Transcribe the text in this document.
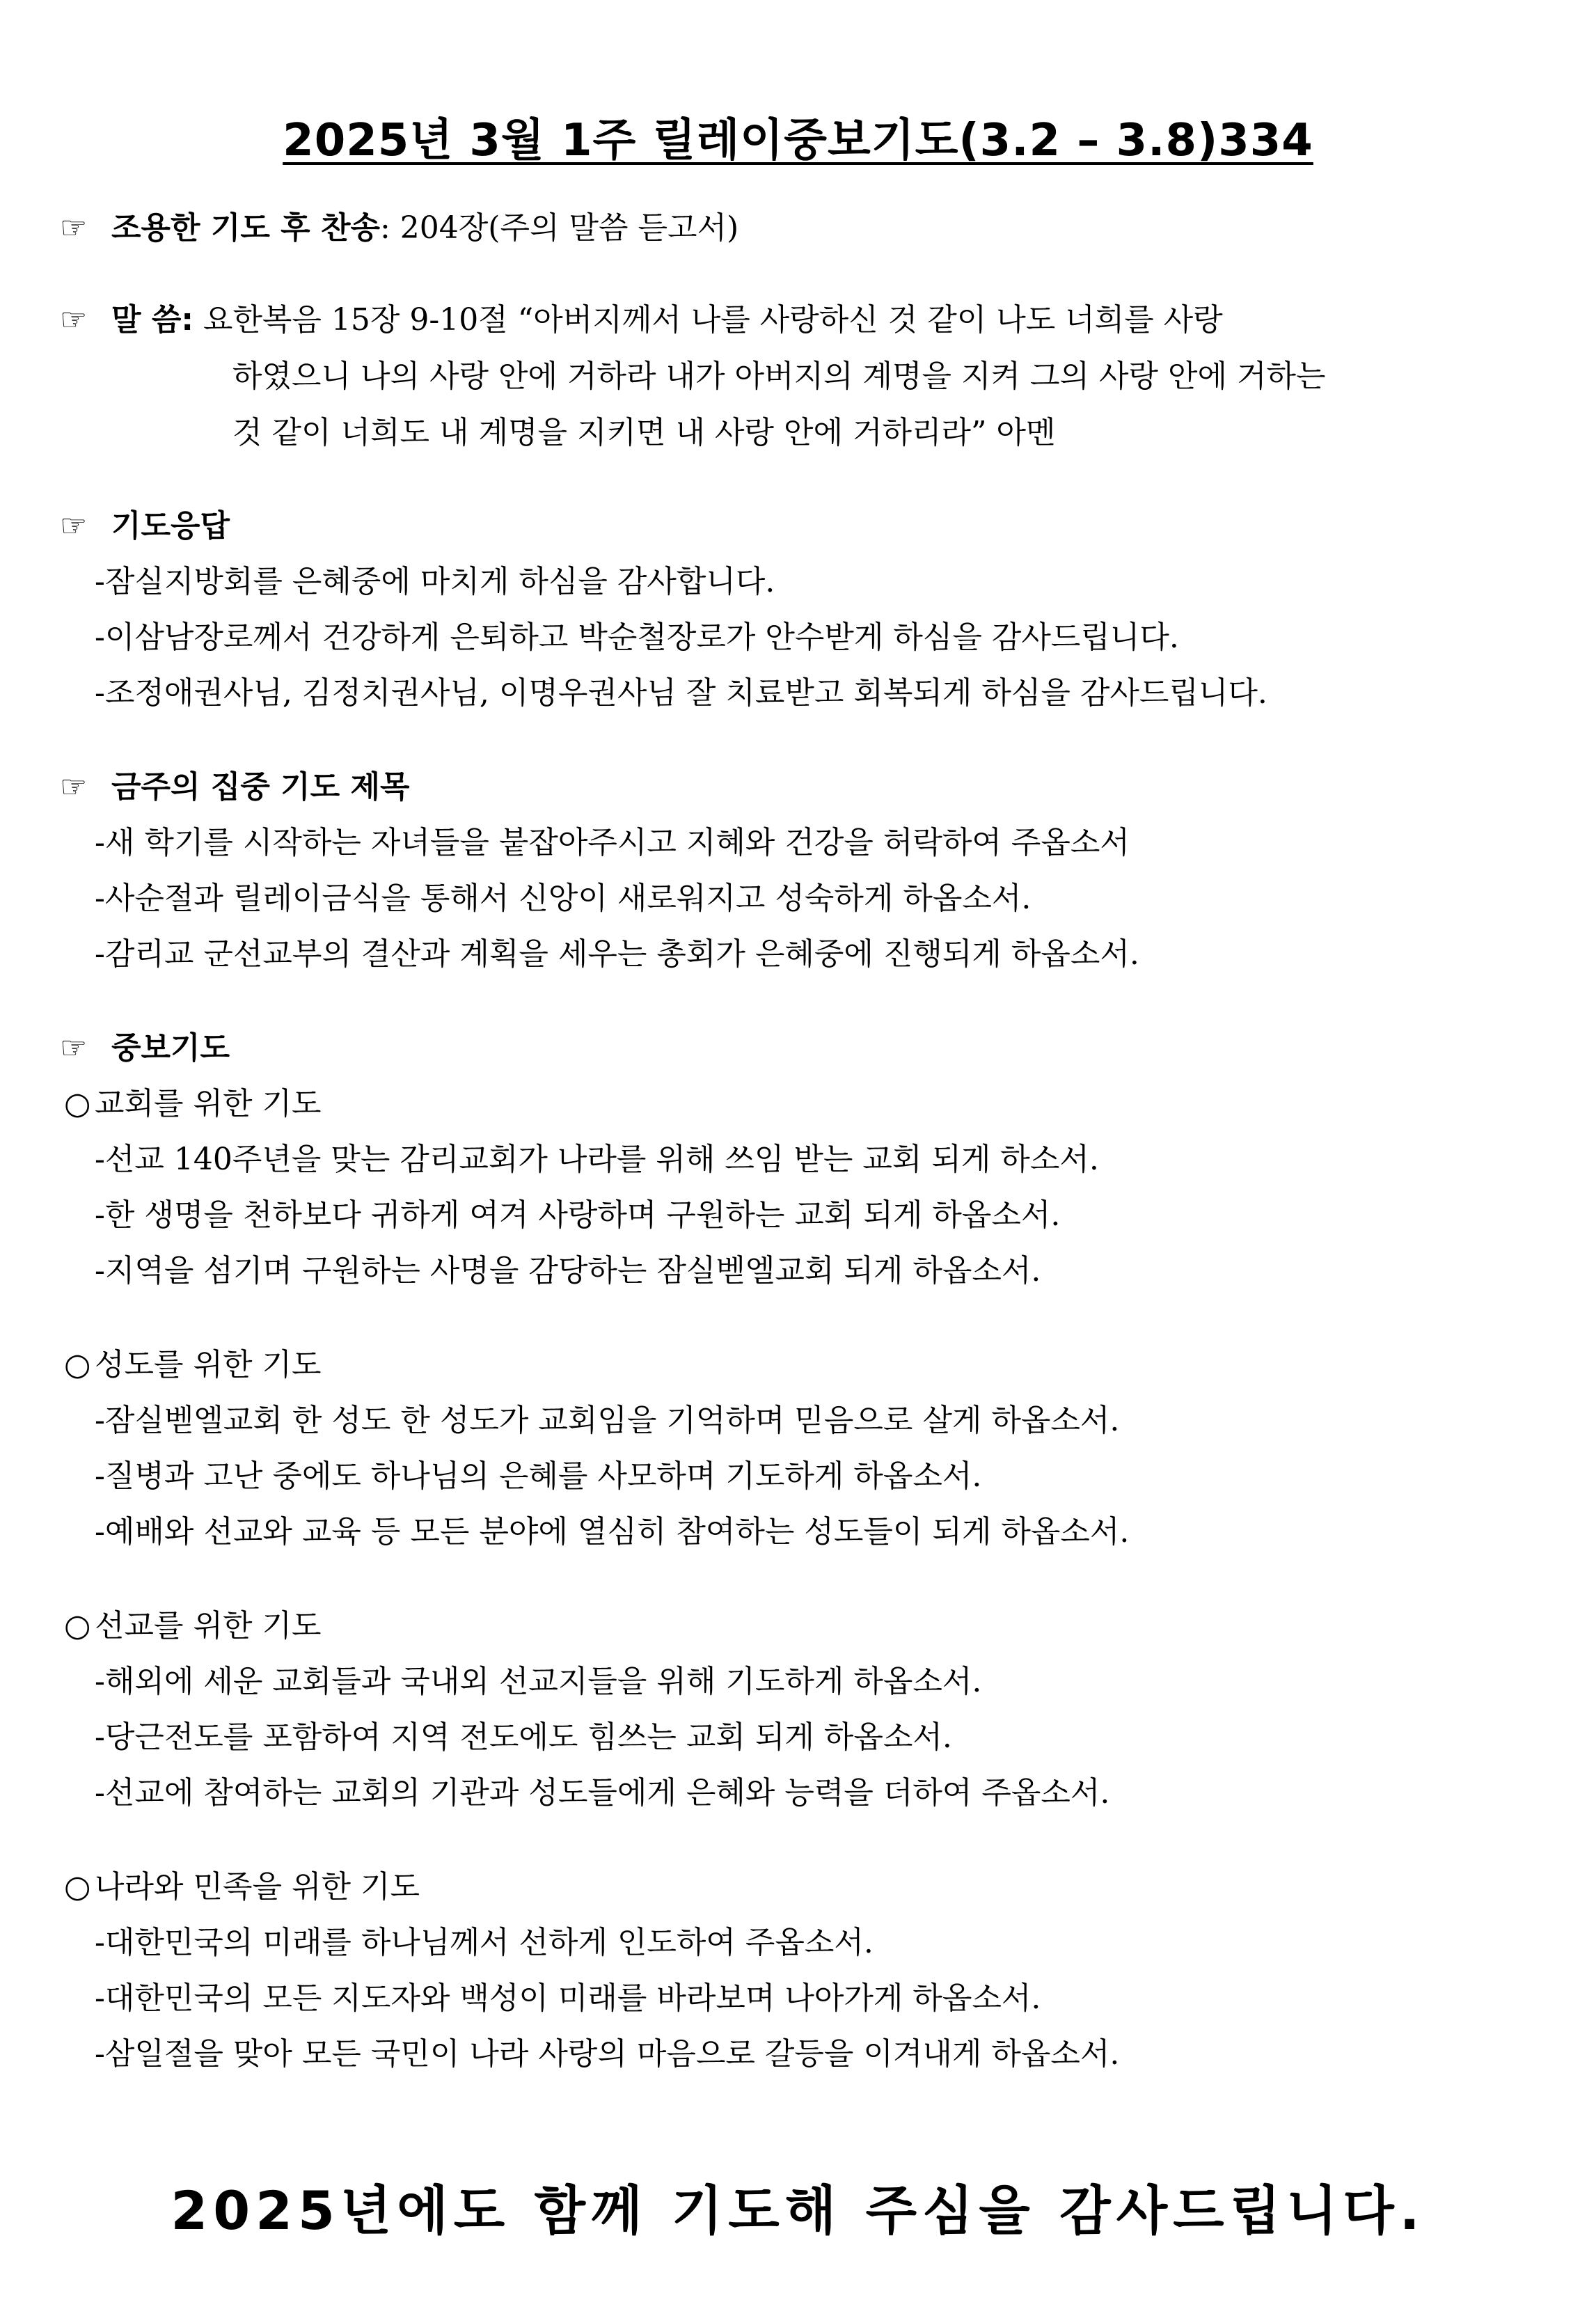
2025년 3월 1주 릴레이중보기도(3.2 – 3.8)334
☞ 조용한 기도 후 찬송: 204장(주의 말씀 듣고서)
☞ 말 씀: 요한복음 15장 9-10절 “아버지께서 나를 사랑하신 것 같이 나도 너희를 사랑
하였으니 나의 사랑 안에 거하라 내가 아버지의 계명을 지켜 그의 사랑 안에 거하는
것 같이 너희도 내 계명을 지키면 내 사랑 안에 거하리라” 아멘
☞ 기도응답
-잠실지방회를 은혜중에 마치게 하심을 감사합니다.
-이삼남장로께서 건강하게 은퇴하고 박순철장로가 안수받게 하심을 감사드립니다.
-조정애권사님, 김정치권사님, 이명우권사님 잘 치료받고 회복되게 하심을 감사드립니다.
☞ 금주의 집중 기도 제목
-새 학기를 시작하는 자녀들을 붙잡아주시고 지혜와 건강을 허락하여 주옵소서
-사순절과 릴레이금식을 통해서 신앙이 새로워지고 성숙하게 하옵소서.
-감리교 군선교부의 결산과 계획을 세우는 총회가 은혜중에 진행되게 하옵소서.
☞ 중보기도
○ 교회를 위한 기도
-선교 140주년을 맞는 감리교회가 나라를 위해 쓰임 받는 교회 되게 하소서.
-한 생명을 천하보다 귀하게 여겨 사랑하며 구원하는 교회 되게 하옵소서.
-지역을 섬기며 구원하는 사명을 감당하는 잠실벧엘교회 되게 하옵소서.
○ 성도를 위한 기도
-잠실벧엘교회 한 성도 한 성도가 교회임을 기억하며 믿음으로 살게 하옵소서.
-질병과 고난 중에도 하나님의 은혜를 사모하며 기도하게 하옵소서.
-예배와 선교와 교육 등 모든 분야에 열심히 참여하는 성도들이 되게 하옵소서.
○ 선교를 위한 기도
-해외에 세운 교회들과 국내외 선교지들을 위해 기도하게 하옵소서.
-당근전도를 포함하여 지역 전도에도 힘쓰는 교회 되게 하옵소서.
-선교에 참여하는 교회의 기관과 성도들에게 은혜와 능력을 더하여 주옵소서.
○ 나라와 민족을 위한 기도
-대한민국의 미래를 하나님께서 선하게 인도하여 주옵소서.
-대한민국의 모든 지도자와 백성이 미래를 바라보며 나아가게 하옵소서.
-삼일절을 맞아 모든 국민이 나라 사랑의 마음으로 갈등을 이겨내게 하옵소서.
2025년에도 함께 기도해 주심을 감사드립니다.
